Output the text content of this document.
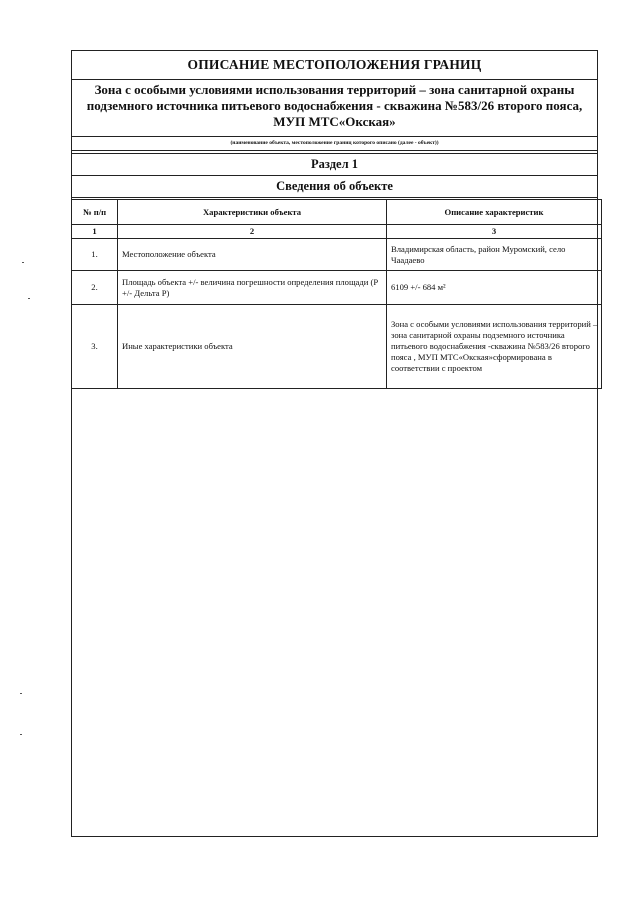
ОПИСАНИЕ МЕСТОПОЛОЖЕНИЯ ГРАНИЦ
Зона с особыми условиями использования территорий – зона санитарной охраны подземного источника питьевого водоснабжения - скважина №583/26 второго пояса, МУП МТС«Окская»
(наименование объекта, местоположение границ которого описано (далее - объект))
Раздел 1
Сведения об объекте
№ п/п	Характеристики объекта	Описание характеристик
1	2	3
1.	Местоположение объекта	Владимирская область, район Муромский, село Чаадаево
2.	Площадь объекта +/- величина погрешности определения площади (Р +/- Дельта Р)	6109 +/- 684 м²
3.	Иные характеристики объекта	Зона с особыми условиями использования территорий – зона санитарной охраны подземного источника питьевого водоснабжения -скважина №583/26 второго пояса , МУП МТС«Окская»сформирована в соответствии с проектом
